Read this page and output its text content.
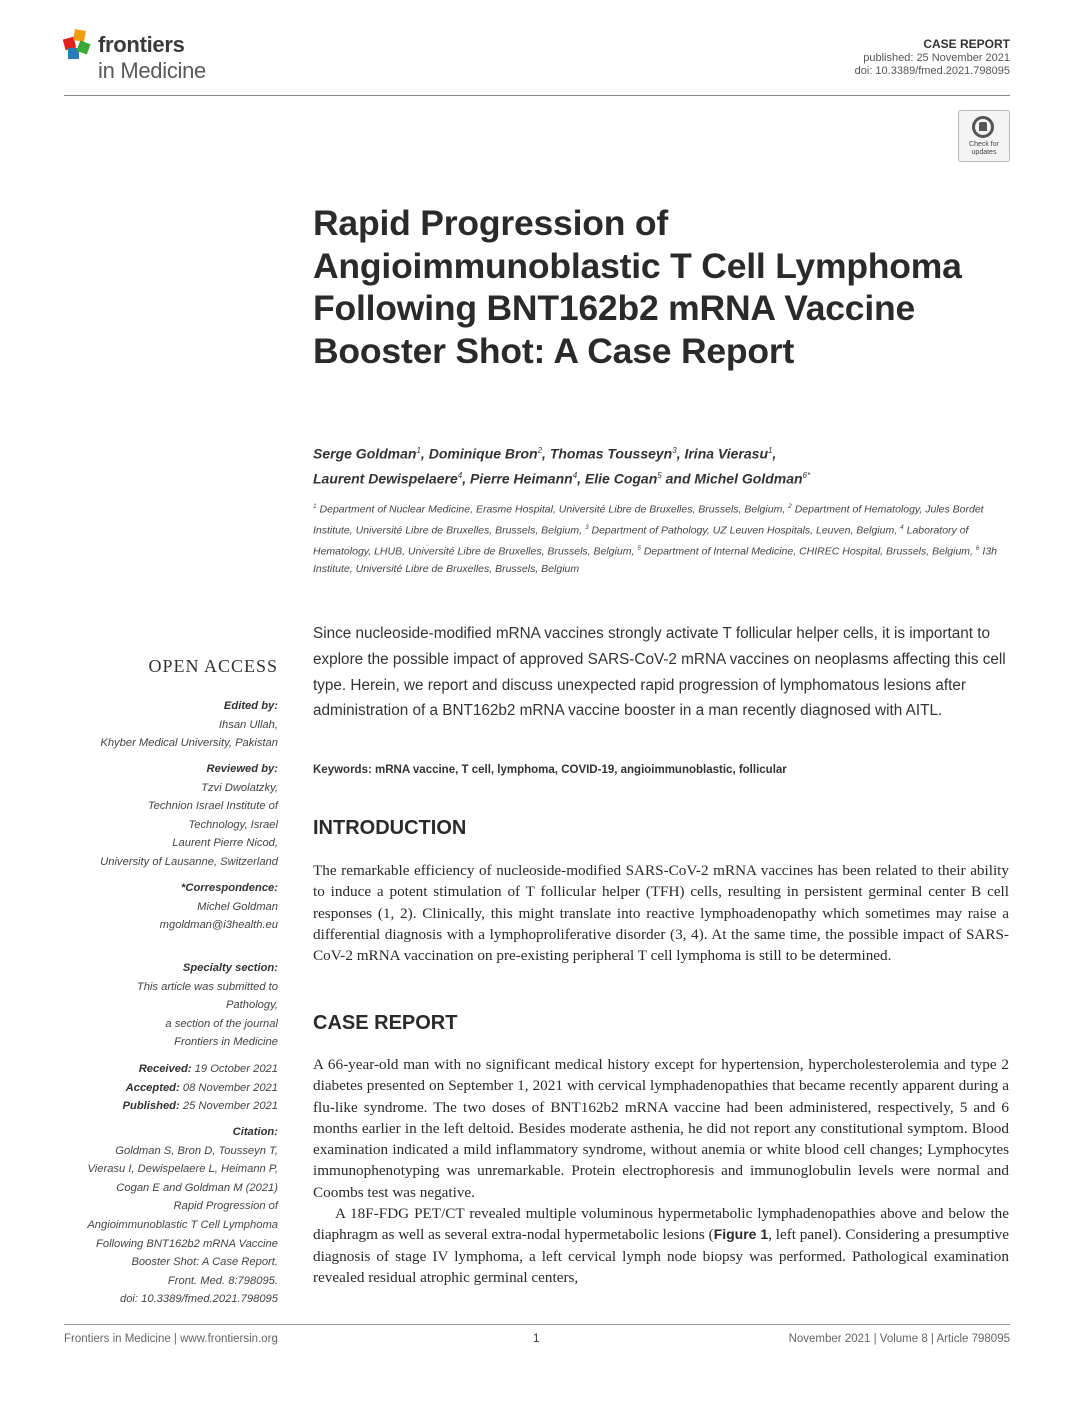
frontiers
in Medicine
CASE REPORT
published: 25 November 2021
doi: 10.3389/fmed.2021.798095
Check for updates
Rapid Progression of Angioimmunoblastic T Cell Lymphoma Following BNT162b2 mRNA Vaccine Booster Shot: A Case Report
Serge Goldman$^1$, Dominique Bron$^2$, Thomas Tousseyn$^3$, Irina Vierasu$^1$,
Laurent Dewispelaere$^4$, Pierre Heimann$^4$, Elie Cogan$^5$ and Michel Goldman$^{6*}$
$^1$ Department of Nuclear Medicine, Erasme Hospital, Université Libre de Bruxelles, Brussels, Belgium, $^2$ Department of Hematology, Jules Bordet Institute, Université Libre de Bruxelles, Brussels, Belgium, $^3$ Department of Pathology, UZ Leuven Hospitals, Leuven, Belgium, $^4$ Laboratory of Hematology, LHUB, Université Libre de Bruxelles, Brussels, Belgium, $^5$ Department of Internal Medicine, CHIREC Hospital, Brussels, Belgium, $^6$ I3h Institute, Université Libre de Bruxelles, Brussels, Belgium
OPEN ACCESS
Edited by:
Ihsan Ullah,
Khyber Medical University, Pakistan
Reviewed by:
Tzvi Dwolatzky,
Technion Israel Institute of
Technology, Israel
Laurent Pierre Nicod,
University of Lausanne, Switzerland
*Correspondence:
Michel Goldman
mgoldman@i3health.eu
Specialty section:
This article was submitted to
Pathology,
a section of the journal
Frontiers in Medicine
Received: 19 October 2021
Accepted: 08 November 2021
Published: 25 November 2021
Citation:
Goldman S, Bron D, Tousseyn T,
Vierasu I, Dewispelaere L, Heimann P,
Cogan E and Goldman M (2021)
Rapid Progression of
Angioimmunoblastic T Cell Lymphoma
Following BNT162b2 mRNA Vaccine
Booster Shot: A Case Report.
Front. Med. 8:798095.
doi: 10.3389/fmed.2021.798095
Since nucleoside-modified mRNA vaccines strongly activate T follicular helper cells, it is important to explore the possible impact of approved SARS-CoV-2 mRNA vaccines on neoplasms affecting this cell type. Herein, we report and discuss unexpected rapid progression of lymphomatous lesions after administration of a BNT162b2 mRNA vaccine booster in a man recently diagnosed with AITL.
Keywords: mRNA vaccine, T cell, lymphoma, COVID-19, angioimmunoblastic, follicular
INTRODUCTION

The remarkable efficiency of nucleoside-modified SARS-CoV-2 mRNA vaccines has been related to their ability to induce a potent stimulation of T follicular helper (TFH) cells, resulting in persistent germinal center B cell responses (1, 2). Clinically, this might translate into reactive lymphoadenopathy which sometimes may raise a differential diagnosis with a lymphoproliferative disorder (3, 4). At the same time, the possible impact of SARS-CoV-2 mRNA vaccination on pre-existing peripheral T cell lymphoma is still to be determined.

CASE REPORT

A 66-year-old man with no significant medical history except for hypertension, hypercholesterolemia and type 2 diabetes presented on September 1, 2021 with cervical lymphadenopathies that became recently apparent during a flu-like syndrome. The two doses of BNT162b2 mRNA vaccine had been administered, respectively, 5 and 6 months earlier in the left deltoid. Besides moderate asthenia, he did not report any constitutional symptom. Blood examination indicated a mild inflammatory syndrome, without anemia or white blood cell changes; Lymphocytes immunophenotyping was unremarkable. Protein electrophoresis and immunoglobulin levels were normal and Coombs test was negative.

A 18F-FDG PET/CT revealed multiple voluminous hypermetabolic lymphadenopathies above and below the diaphragm as well as several extra-nodal hypermetabolic lesions (Figure 1, left panel). Considering a presumptive diagnosis of stage IV lymphoma, a left cervical lymph node biopsy was performed. Pathological examination revealed residual atrophic germinal centers,

Frontiers in Medicine | www.frontiersin.org	1	November 2021 | Volume 8 | Article 798095
